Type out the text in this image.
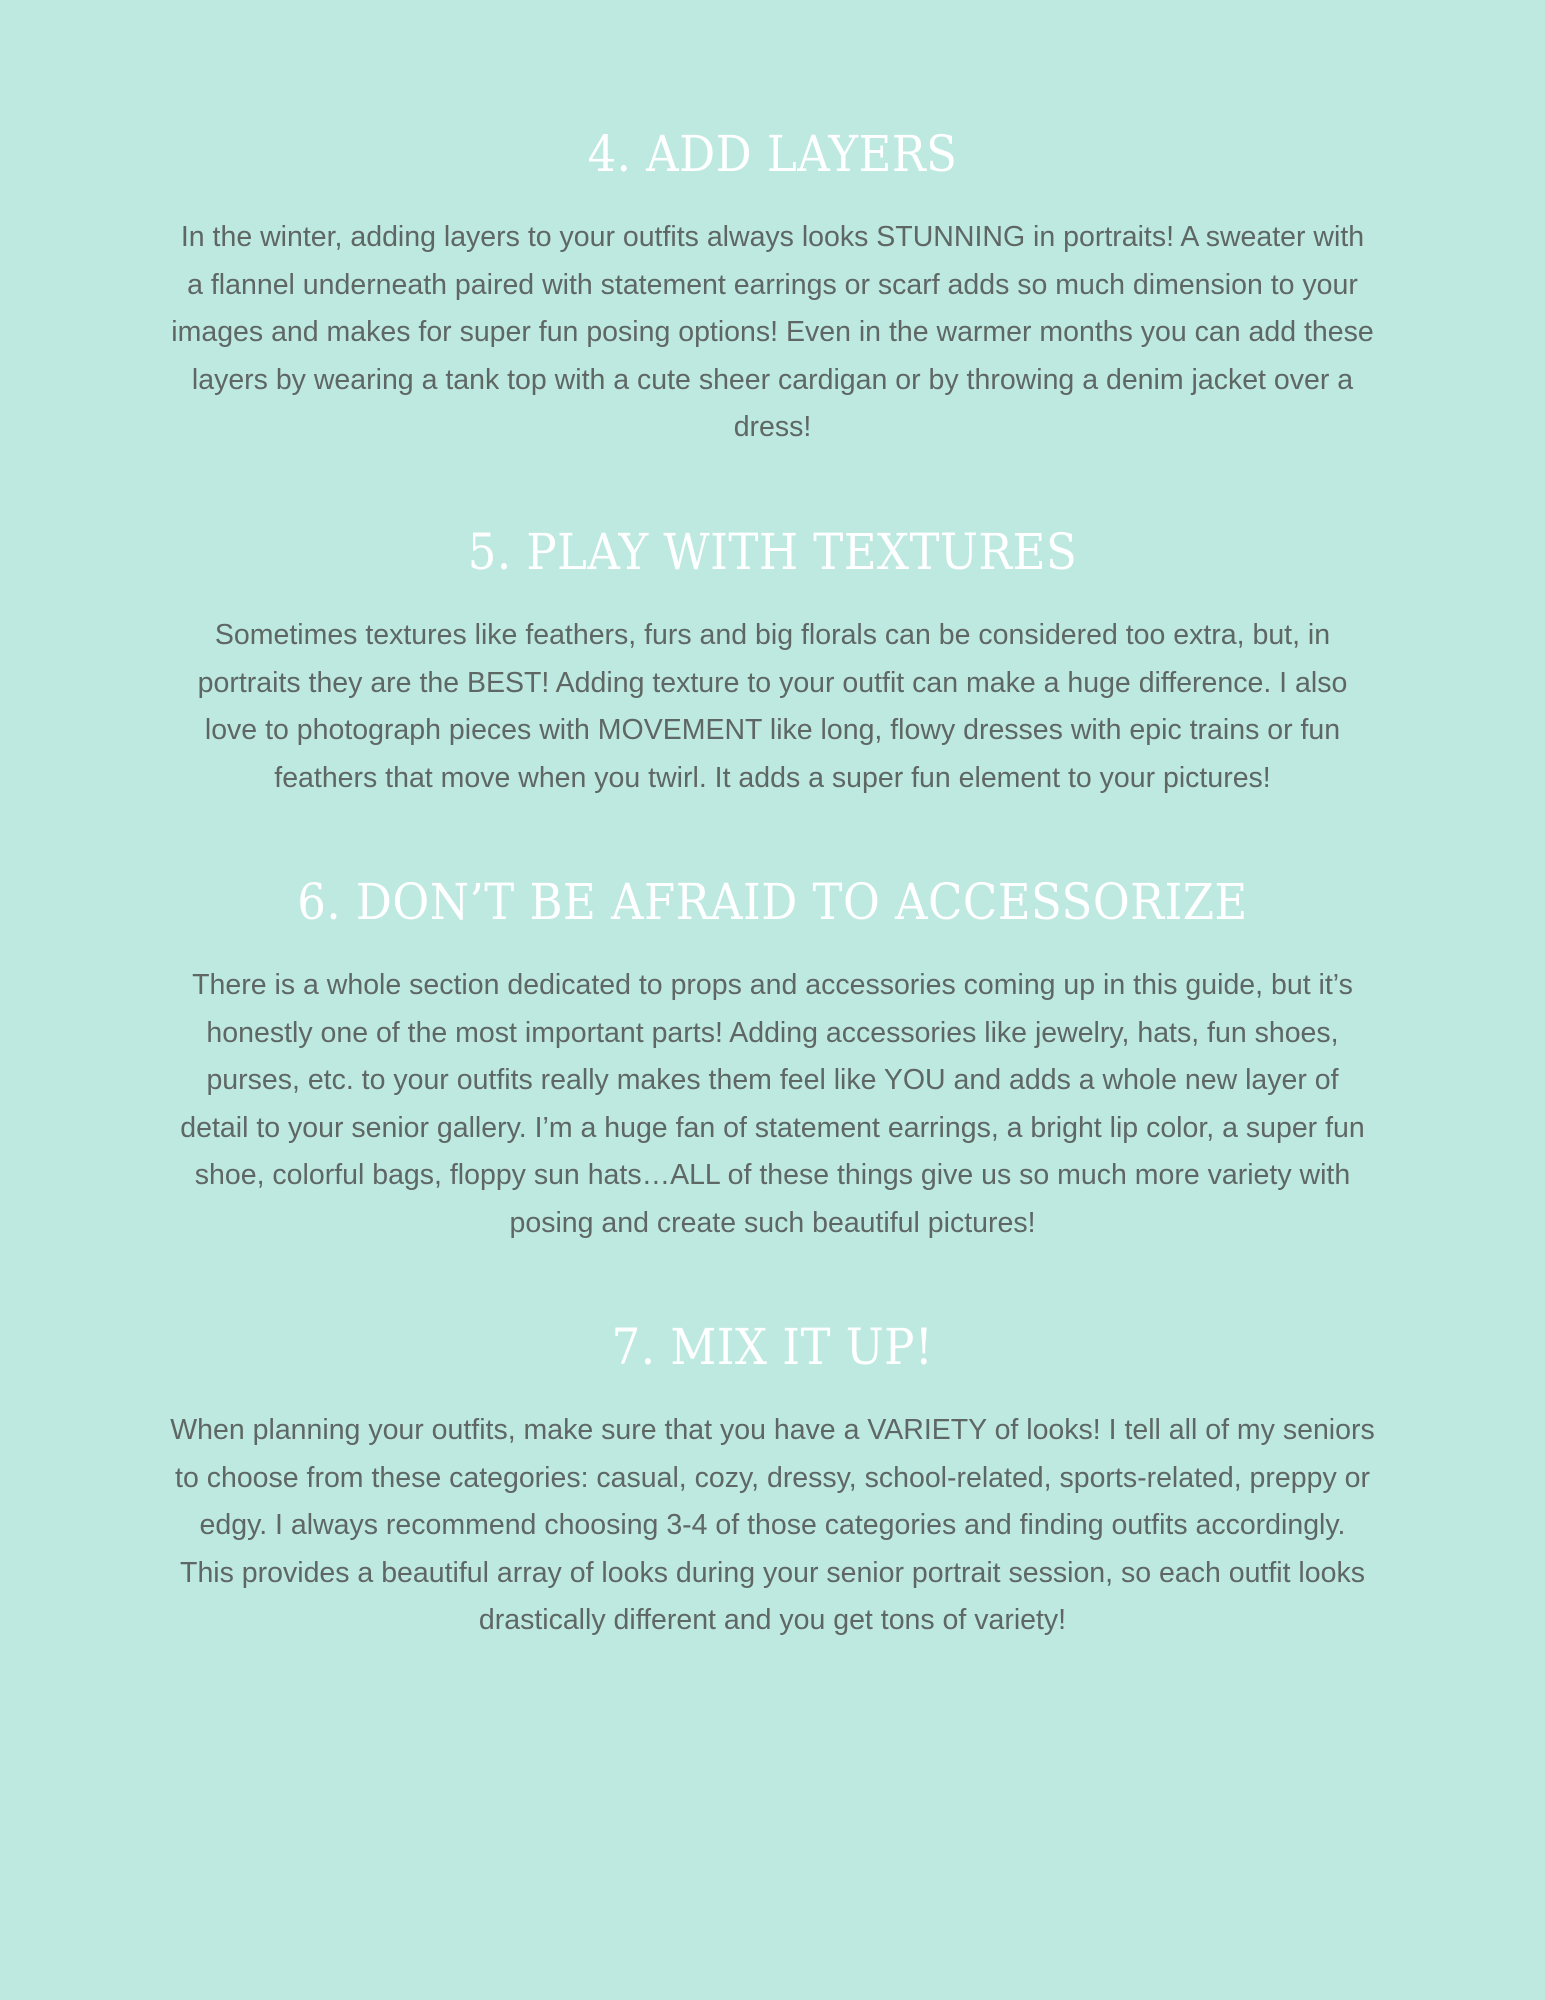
4. ADD LAYERS

In the winter, adding layers to your outfits always looks STUNNING in portraits! A sweater with a flannel underneath paired with statement earrings or scarf adds so much dimension to your images and makes for super fun posing options! Even in the warmer months you can add these layers by wearing a tank top with a cute sheer cardigan or by throwing a denim jacket over a dress!

5. PLAY WITH TEXTURES

Sometimes textures like feathers, furs and big florals can be considered too extra, but, in portraits they are the BEST! Adding texture to your outfit can make a huge difference. I also love to photograph pieces with MOVEMENT like long, flowy dresses with epic trains or fun feathers that move when you twirl. It adds a super fun element to your pictures!

6. DON’T BE AFRAID TO ACCESSORIZE

There is a whole section dedicated to props and accessories coming up in this guide, but it’s honestly one of the most important parts! Adding accessories like jewelry, hats, fun shoes, purses, etc. to your outfits really makes them feel like YOU and adds a whole new layer of detail to your senior gallery. I’m a huge fan of statement earrings, a bright lip color, a super fun shoe, colorful bags, floppy sun hats…ALL of these things give us so much more variety with posing and create such beautiful pictures!

7. MIX IT UP!

When planning your outfits, make sure that you have a VARIETY of looks! I tell all of my seniors to choose from these categories: casual, cozy, dressy, school-related, sports-related, preppy or edgy. I always recommend choosing 3-4 of those categories and finding outfits accordingly. This provides a beautiful array of looks during your senior portrait session, so each outfit looks drastically different and you get tons of variety!
